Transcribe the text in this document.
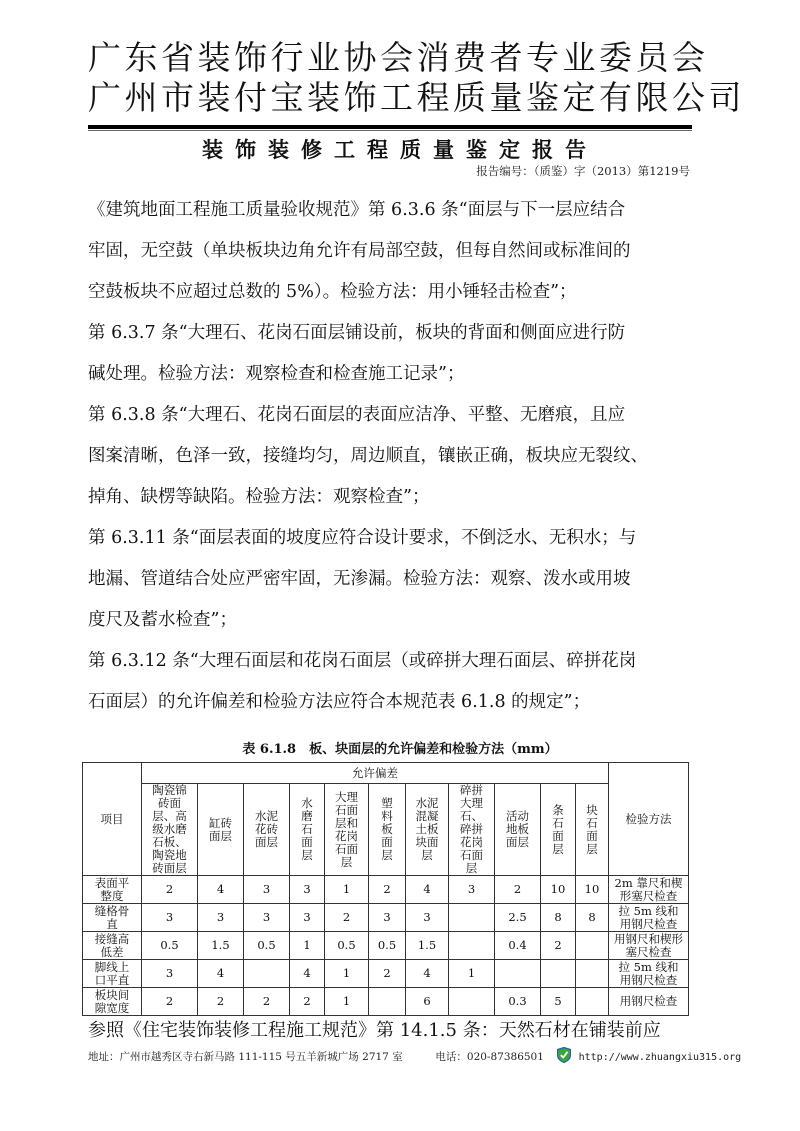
广东省装饰行业协会消费者专业委员会
广州市装付宝装饰工程质量鉴定有限公司
装饰装修工程质量鉴定报告
报告编号：（质鉴）字（2013）第1219号
《建筑地面工程施工质量验收规范》第 6.3.6 条“面层与下一层应结合
牢固，无空鼓（单块板块边角允许有局部空鼓，但每自然间或标准间的
空鼓板块不应超过总数的 5%）。检验方法：用小锤轻击检查”；
第 6.3.7 条“大理石、花岗石面层铺设前，板块的背面和侧面应进行防
碱处理。检验方法：观察检查和检查施工记录”；
第 6.3.8 条“大理石、花岗石面层的表面应洁净、平整、无磨痕，且应
图案清晰，色泽一致，接缝均匀，周边顺直，镶嵌正确，板块应无裂纹、
掉角、缺楞等缺陷。检验方法：观察检查”；
第 6.3.11 条“面层表面的坡度应符合设计要求，不倒泛水、无积水；与
地漏、管道结合处应严密牢固，无渗漏。检验方法：观察、泼水或用坡
度尺及蓄水检查”；
第 6.3.12 条“大理石面层和花岗石面层（或碎拼大理石面层、碎拼花岗
石面层）的允许偏差和检验方法应符合本规范表 6.1.8 的规定”；
表 6.1.8　板、块面层的允许偏差和检验方法（mm）
项目	允许偏差											检验方法
	陶瓷锦砖面层、高级水磨石板、陶瓷地砖面层	缸砖面层	水泥花砖面层	水磨石面层	大理石面层和花岗石面层	塑料板面层	水泥混凝土板块面层	碎拼大理石、碎拼花岗石面层	活动地板面层	条石面层	块石面层	
表面平整度	2	4	3	3	1	2	4	3	2	10	10	2m 靠尺和楔形塞尺检查
缝格骨直	3	3	3	3	2	3	3		2.5	8	8	拉 5m 线和用钢尺检查
接缝高低差	0.5	1.5	0.5	1	0.5	0.5	1.5		0.4	2		用钢尺和楔形塞尺检查
脚线上口平直	3	4		4	1	2	4	1				拉 5m 线和用钢尺检查
板块间隙宽度	2	2	2	2	1		6		0.3	5		用钢尺检查
参照《住宅装饰装修工程施工规范》第 14.1.5 条：天然石材在铺装前应
地址：广州市越秀区寺右新马路 111-115 号五羊新城广场 2717 室	电话：020-87386501	http://www.zhuangxiu315.org
